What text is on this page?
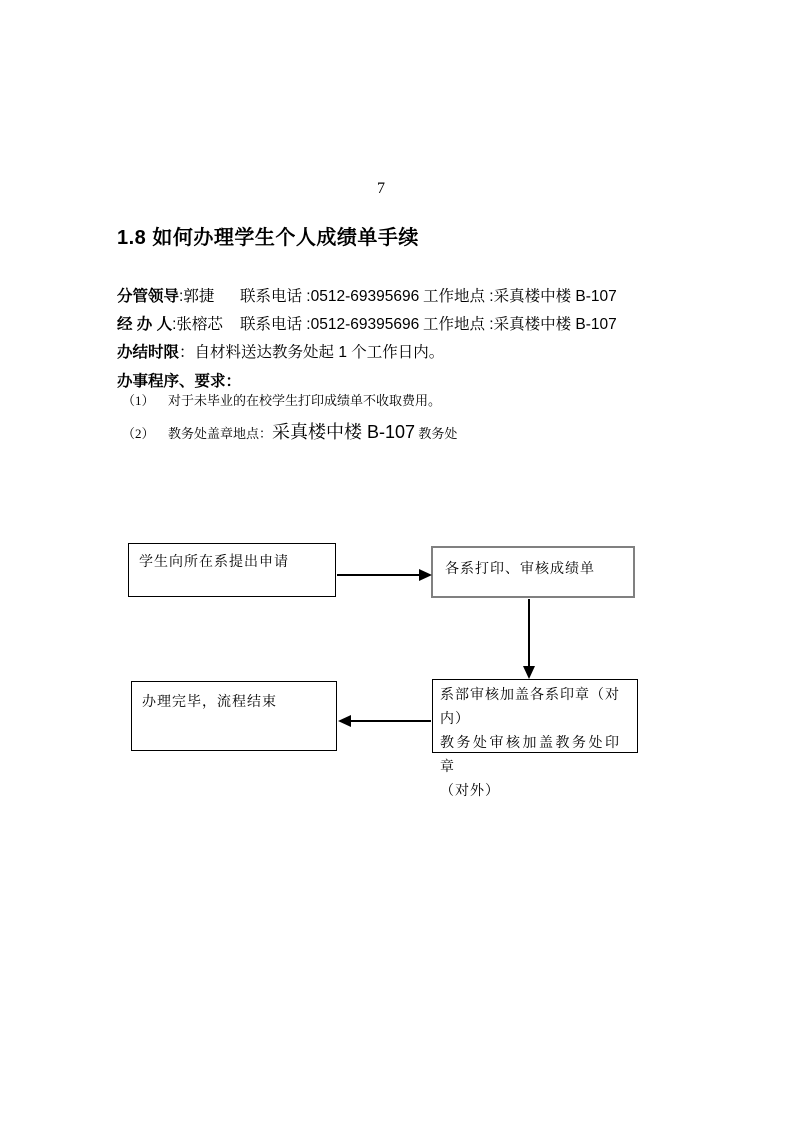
7
1.8 如何办理学生个人成绩单手续
分管领导:郭捷	联系电话 :0512-69395696 工作地点 :采真楼中楼 B-107
经 办 人:张榕芯	联系电话 :0512-69395696 工作地点 :采真楼中楼 B-107
办结时限：自材料送达教务处起 1 个工作日内。
办事程序、要求：
（1） 对于未毕业的在校学生打印成绩单不收取费用。
（2） 教务处盖章地点：采真楼中楼 B-107 教务处
学生向所在系提出申请	各系打印、审核成绩单
办理完毕，流程结束	系部审核加盖各系印章（对内）
教务处审核加盖教务处印章
（对外）
